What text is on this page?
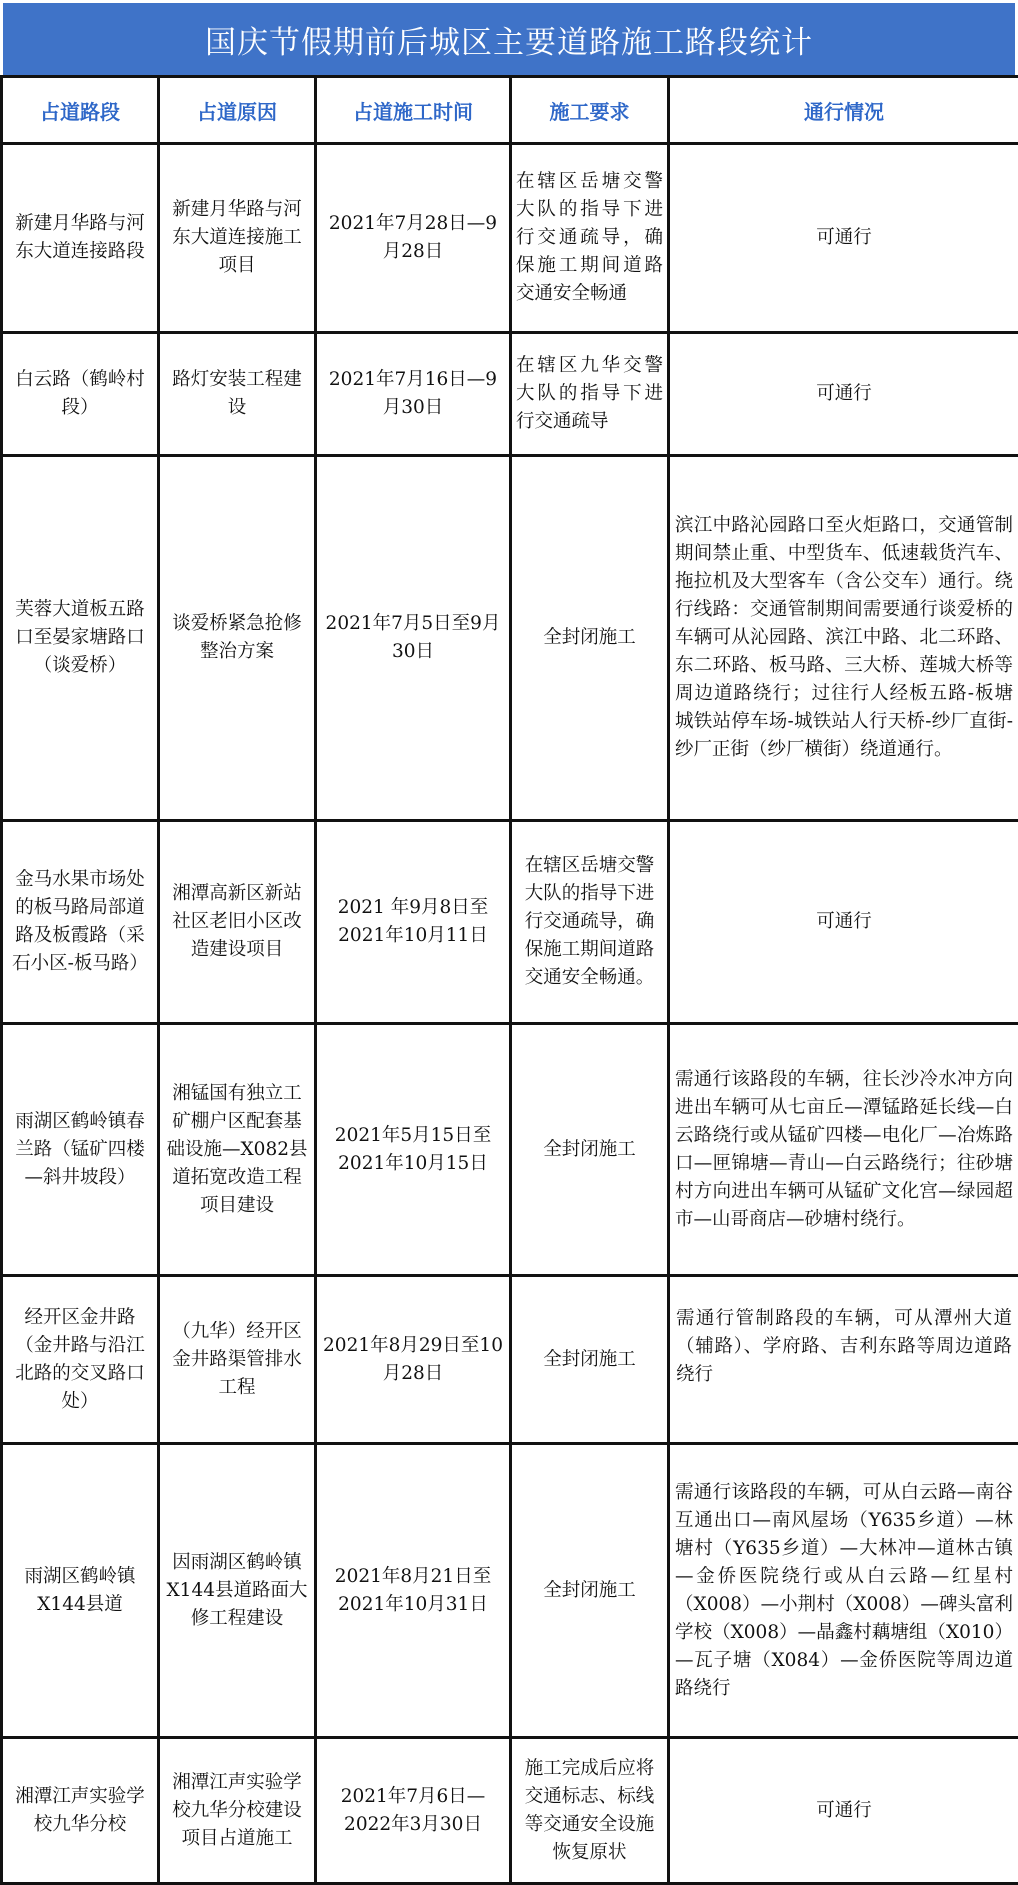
国庆节假期前后城区主要道路施工路段统计
占道路段	占道原因	占道施工时间	施工要求	通行情况
新建月华路与河东大道连接路段	新建月华路与河东大道连接施工项目	2021年7月28日—9月28日	在辖区岳塘交警大队的指导下进行交通疏导，确保施工期间道路交通安全畅通	可通行
白云路（鹤岭村段）	路灯安装工程建设	2021年7月16日—9月30日	在辖区九华交警大队的指导下进行交通疏导	可通行
芙蓉大道板五路口至晏家塘路口（谈爱桥）	谈爱桥紧急抢修整治方案	2021年7月5日至9月30日	全封闭施工	滨江中路沁园路口至火炬路口，交通管制期间禁止重、中型货车、低速载货汽车、拖拉机及大型客车（含公交车）通行。绕行线路：交通管制期间需要通行谈爱桥的车辆可从沁园路、滨江中路、北二环路、东二环路、板马路、三大桥、莲城大桥等周边道路绕行；过往行人经板五路-板塘城铁站停车场-城铁站人行天桥-纱厂直街-纱厂正街（纱厂横街）绕道通行。
金马水果市场处的板马路局部道路及板霞路（采石小区-板马路）	湘潭高新区新站社区老旧小区改造建设项目	2021 年9月8日至2021年10月11日	在辖区岳塘交警大队的指导下进行交通疏导，确保施工期间道路交通安全畅通。	可通行
雨湖区鹤岭镇春兰路（锰矿四楼—斜井坡段）	湘锰国有独立工矿棚户区配套基础设施—X082县道拓宽改造工程项目建设	2021年5月15日至2021年10月15日	全封闭施工	需通行该路段的车辆，往长沙冷水冲方向进出车辆可从七亩丘—潭锰路延长线—白云路绕行或从锰矿四楼—电化厂—冶炼路口—匣锦塘—青山—白云路绕行；往砂塘村方向进出车辆可从锰矿文化宫—绿园超市—山哥商店—砂塘村绕行。
经开区金井路（金井路与沿江北路的交叉路口处）	（九华）经开区金井路渠管排水工程	2021年8月29日至10月28日	全封闭施工	需通行管制路段的车辆，可从潭州大道（辅路）、学府路、吉利东路等周边道路绕行
雨湖区鹤岭镇X144县道	因雨湖区鹤岭镇X144县道路面大修工程建设	2021年8月21日至2021年10月31日	全封闭施工	需通行该路段的车辆，可从白云路—南谷互通出口—南风屋场（Y635乡道）—林塘村（Y635乡道）—大林冲—道林古镇—金侨医院绕行或从白云路—红星村（X008）—小荆村（X008）—碑头富利学校（X008）—晶鑫村藕塘组（X010）—瓦子塘（X084）—金侨医院等周边道路绕行
湘潭江声实验学校九华分校	湘潭江声实验学校九华分校建设项目占道施工	2021年7月6日—2022年3月30日	施工完成后应将交通标志、标线等交通安全设施恢复原状	可通行
